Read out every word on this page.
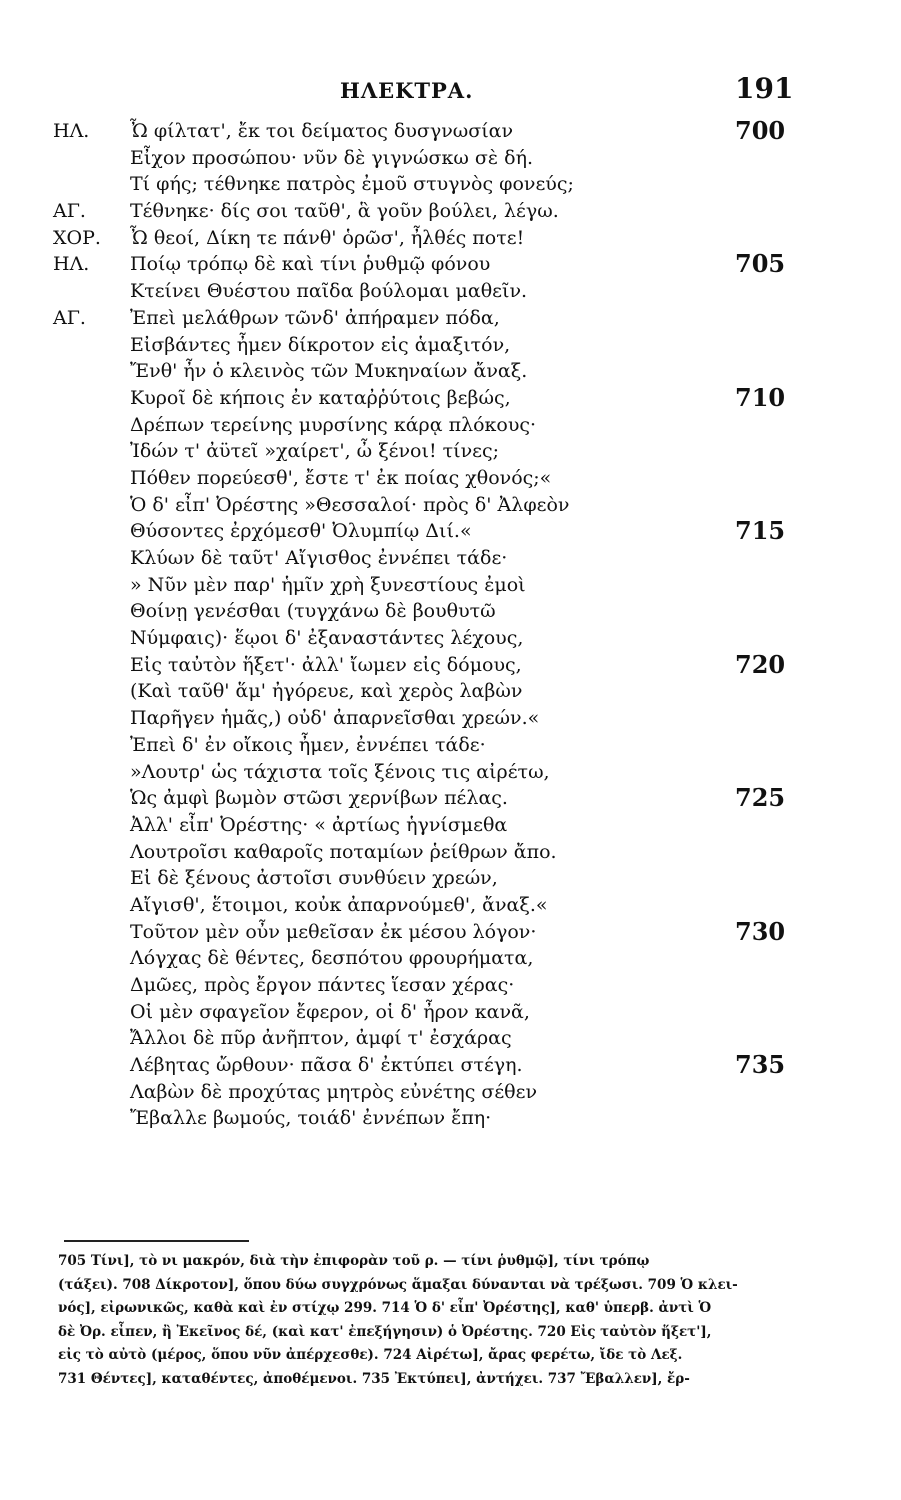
ΗΛΕΚΤΡΑ.	191
ΗΛ. Ὦ φίλτατ', ἔκ τοι δείματος δυσγνωσίαν	700
Εἶχον προσώπου· νῦν δὲ γιγνώσκω σὲ δή.
Τί φής; τέθνηκε πατρὸς ἐμοῦ στυγνὸς φονεύς;
ΑΓ. Τέθνηκε· δίς σοι ταῦθ', ἃ γοῦν βούλει, λέγω.
ΧΟΡ. Ὦ θεοί, Δίκη τε πάνθ' ὁρῶσ', ἦλθές ποτε!
ΗΛ. Ποίῳ τρόπῳ δὲ καὶ τίνι ῥυθμῷ φόνου	705
Κτείνει Θυέστου παῖδα βούλομαι μαθεῖν.
ΑΓ. Ἐπεὶ μελάθρων τῶνδ' ἀπήραμεν πόδα,
Εἰσβάντες ἦμεν δίκροτον εἰς ἁμαξιτόν,
Ἔνθ' ἦν ὁ κλεινὸς τῶν Μυκηναίων ἄναξ.
Κυροῖ δὲ κήποις ἐν καταῤῥύτοις βεβώς,	710
Δρέπων τερείνης μυρσίνης κάρᾳ πλόκους·
Ἰδών τ' ἀϋτεῖ »χαίρετ', ὦ ξένοι! τίνες;
Πόθεν πορεύεσθ', ἔστε τ' ἐκ ποίας χθονός;«
Ὁ δ' εἶπ' Ὀρέστης »Θεσσαλοί· πρὸς δ' Ἀλφεὸν
Θύσοντες ἐρχόμεσθ' Ὀλυμπίῳ Διί.«	715
Κλύων δὲ ταῦτ' Αἴγισθος ἐννέπει τάδε·
» Νῦν μὲν παρ' ἡμῖν χρὴ ξυνεστίους ἐμοὶ
Θοίνῃ γενέσθαι (τυγχάνω δὲ βουθυτῶ
Νύμφαις)· ἕῳοι δ' ἐξαναστάντες λέχους,
Εἰς ταὐτὸν ἥξετ'· ἀλλ' ἴωμεν εἰς δόμους,	720
(Καὶ ταῦθ' ἅμ' ἠγόρευε, καὶ χερὸς λαβὼν
Παρῆγεν ἡμᾶς,) οὐδ' ἀπαρνεῖσθαι χρεών.«
Ἐπεὶ δ' ἐν οἴκοις ἦμεν, ἐννέπει τάδε·
»Λουτρ' ὡς τάχιστα τοῖς ξένοις τις αἰρέτω,
Ὡς ἀμφὶ βωμὸν στῶσι χερνίβων πέλας.	725
Ἀλλ' εἶπ' Ὀρέστης· « ἀρτίως ἡγνίσμεθα
Λουτροῖσι καθαροῖς ποταμίων ῥείθρων ἄπο.
Εἰ δὲ ξένους ἀστοῖσι συνθύειν χρεών,
Αἴγισθ', ἕτοιμοι, κοὐκ ἀπαρνούμεθ', ἄναξ.«
Τοῦτον μὲν οὖν μεθεῖσαν ἐκ μέσου λόγον·	730
Λόγχας δὲ θέντες, δεσπότου φρουρήματα,
Δμῶες, πρὸς ἔργον πάντες ἵεσαν χέρας·
Οἱ μὲν σφαγεῖον ἔφερον, οἱ δ' ἦρον κανᾶ,
Ἄλλοι δὲ πῦρ ἀνῆπτον, ἀμφί τ' ἐσχάρας
Λέβητας ὤρθουν· πᾶσα δ' ἐκτύπει στέγη.	735
Λαβὼν δὲ προχύτας μητρὸς εὐνέτης σέθεν
Ἔβαλλε βωμούς, τοιάδ' ἐννέπων ἔπη·
705 Τίνι], τὸ νι μακρόν, διὰ τὴν ἐπιφορὰν τοῦ ρ. — τίνι ῥυθμῷ], τίνι τρόπῳ
(τάξει). 708 Δίκροτον], ὅπου δύω συγχρόνως ἅμαξαι δύνανται νὰ τρέξωσι. 709 Ὁ κλει-
νός], εἰρωνικῶς, καθὰ καὶ ἐν στίχῳ 299. 714 Ὁ δ' εἶπ' Ὀρέστης], καθ' ὑπερβ. ἀντὶ Ὁ
δὲ Ὀρ. εἶπεν, ἢ Ἐκεῖνος δέ, (καὶ κατ' ἐπεξήγησιν) ὁ Ὀρέστης. 720 Εἰς ταὐτὸν ἥξετ'],
εἰς τὸ αὐτὸ (μέρος, ὅπου νῦν ἀπέρχεσθε). 724 Αἰρέτω], ἄρας φερέτω, ἴδε τὸ Λεξ.
731 Θέντες], καταθέντες, ἀποθέμενοι. 735 Ἐκτύπει], ἀντήχει. 737 Ἔβαλλεν], ἔρ-
